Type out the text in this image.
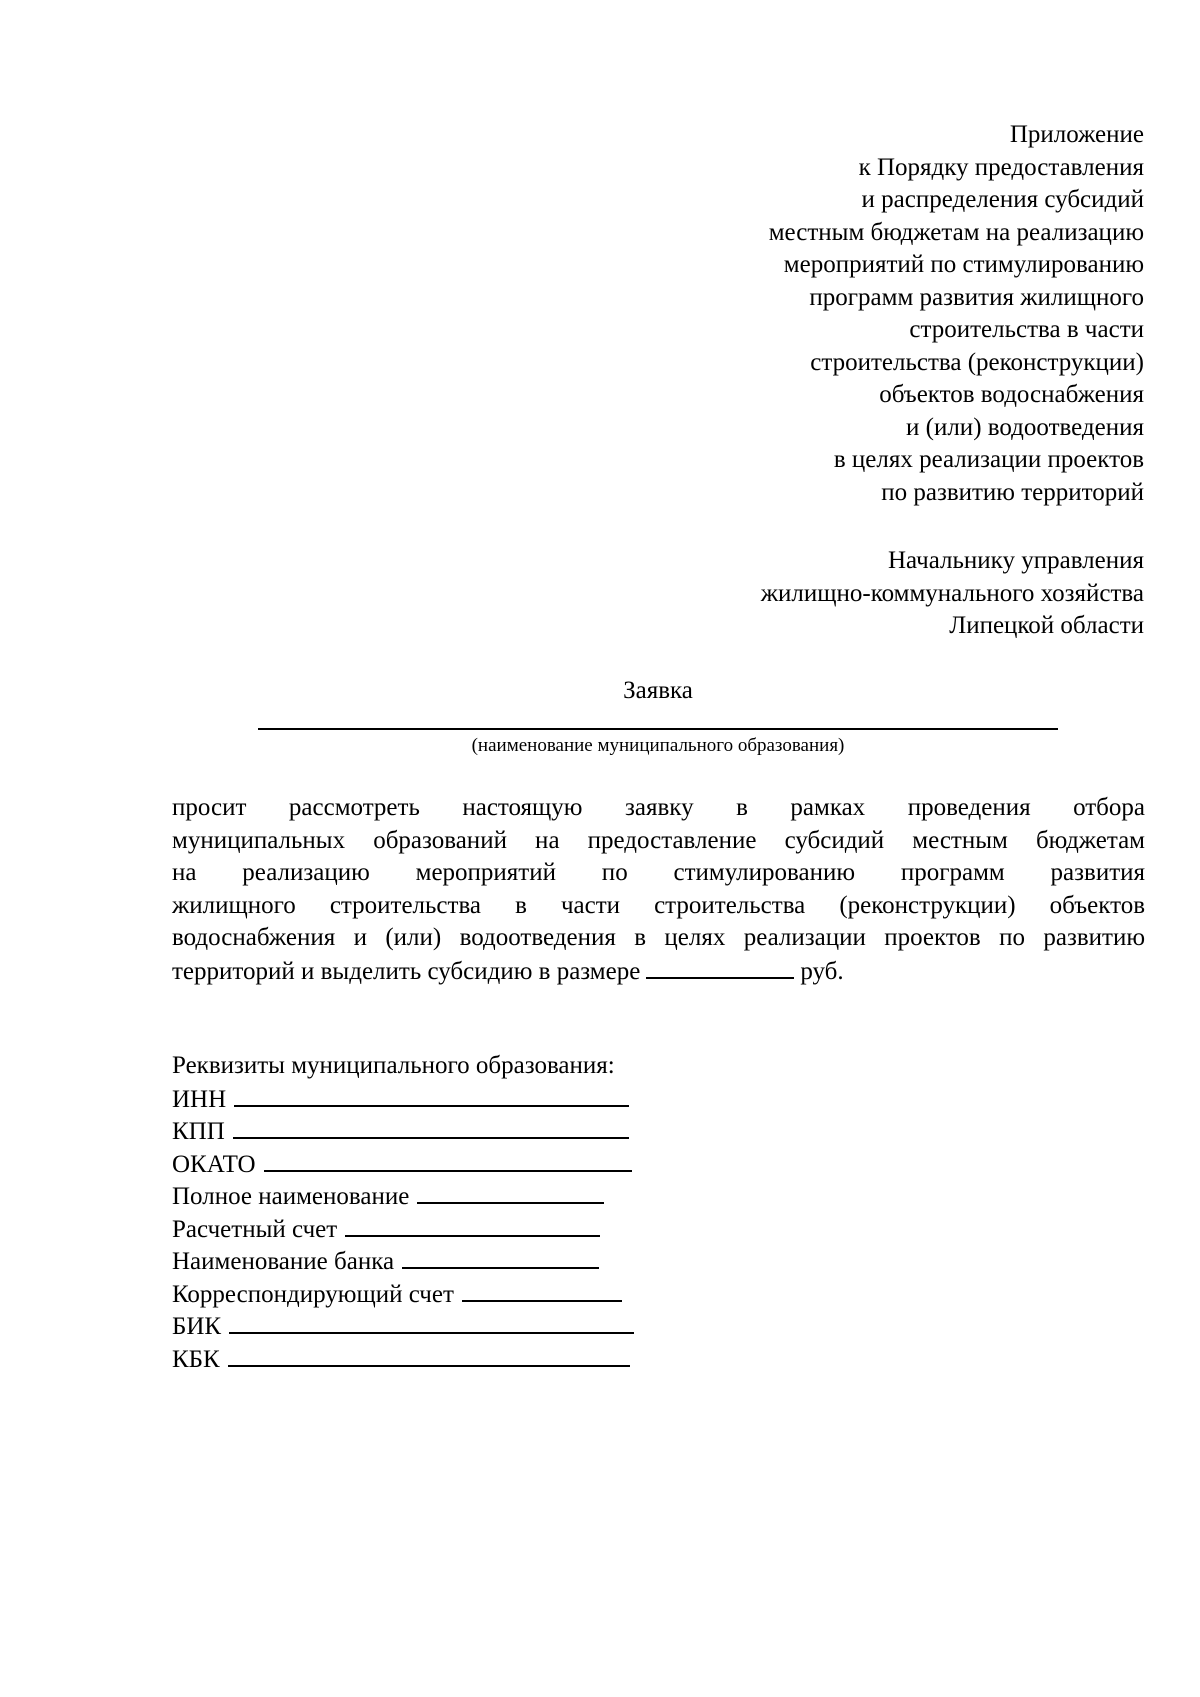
Приложение
к Порядку предоставления
и распределения субсидий
местным бюджетам на реализацию
мероприятий по стимулированию
программ развития жилищного
строительства в части
строительства (реконструкции)
объектов водоснабжения
и (или) водоотведения
в целях реализации проектов
по развитию территорий
Начальнику управления
жилищно-коммунального хозяйства
Липецкой области
Заявка
(наименование муниципального образования)
просит рассмотреть настоящую заявку в рамках проведения отбора
муниципальных образований на предоставление субсидий местным бюджетам
на реализацию мероприятий по стимулированию программ развития
жилищного строительства в части строительства (реконструкции) объектов
водоснабжения и (или) водоотведения в целях реализации проектов по развитию
территорий и выделить субсидию в размере	руб.
Реквизиты муниципального образования:
ИНН
КПП
ОКАТО
Полное наименование
Расчетный счет
Наименование банка
Корреспондирующий счет
БИК
КБК
